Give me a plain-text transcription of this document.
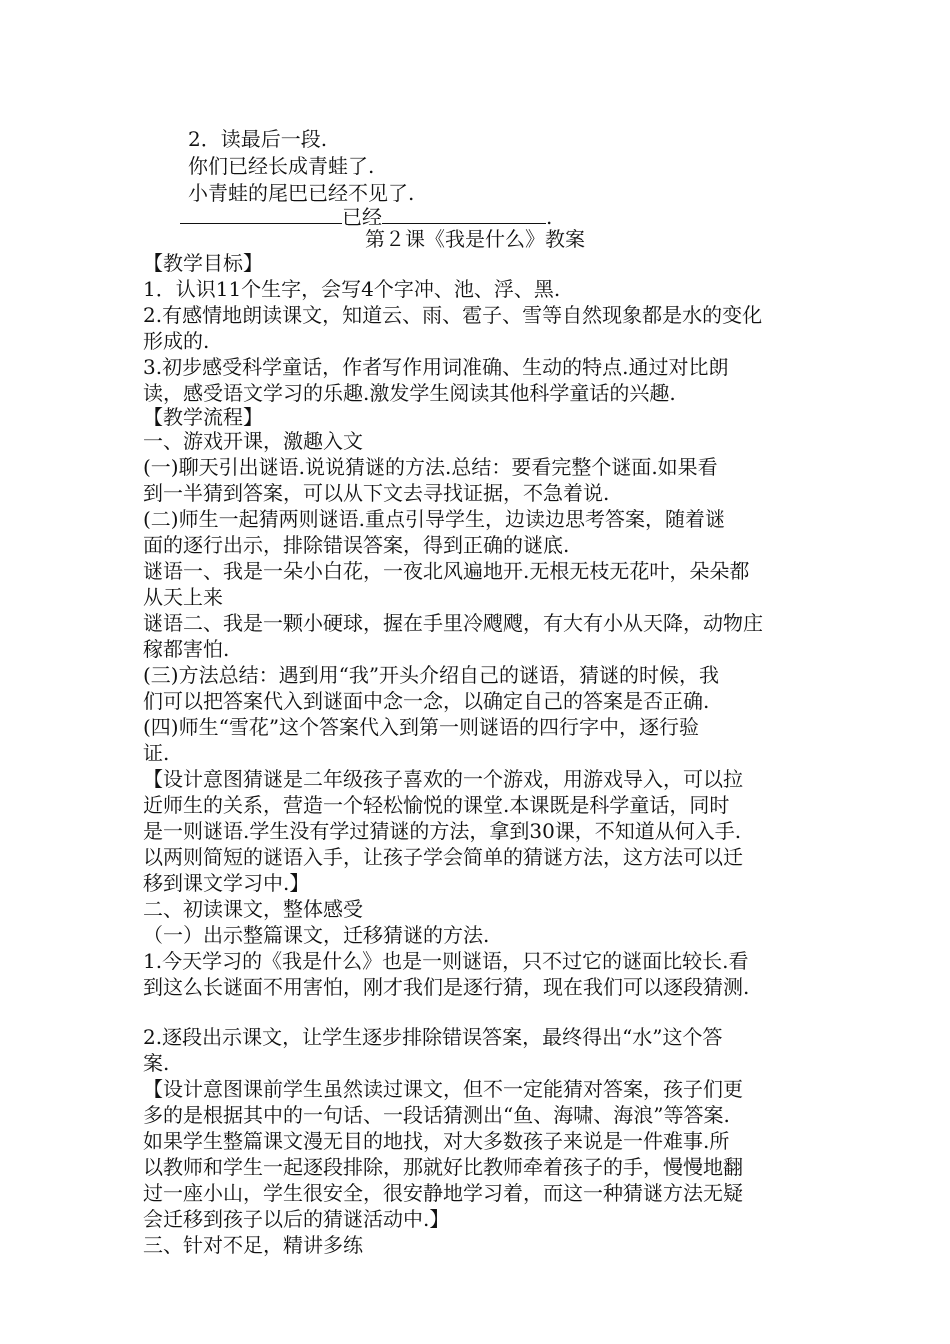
2．读最后一段.
你们已经长成青蛙了.
小青蛙的尾巴已经不见了.
已经	.
第２课《我是什么》教案
【教学目标】
1．认识11个生字，会写4个字冲、池、浮、黑.
2.有感情地朗读课文，知道云、雨、雹子、雪等自然现象都是水的变化
形成的.
3.初步感受科学童话，作者写作用词准确、生动的特点.通过对比朗
读，感受语文学习的乐趣.激发学生阅读其他科学童话的兴趣.
【教学流程】
一、游戏开课，激趣入文
(一)聊天引出谜语.说说猜谜的方法.总结：要看完整个谜面.如果看
到一半猜到答案，可以从下文去寻找证据，不急着说.
(二)师生一起猜两则谜语.重点引导学生，边读边思考答案，随着谜
面的逐行出示，排除错误答案，得到正确的谜底.
谜语一、我是一朵小白花，一夜北风遍地开.无根无枝无花叶，朵朵都
从天上来
谜语二、我是一颗小硬球，握在手里冷飕飕，有大有小从天降，动物庄
稼都害怕.
(三)方法总结：遇到用“我”开头介绍自己的谜语，猜谜的时候，我
们可以把答案代入到谜面中念一念，以确定自己的答案是否正确.
(四)师生“雪花”这个答案代入到第一则谜语的四行字中，逐行验
证.
【设计意图猜谜是二年级孩子喜欢的一个游戏，用游戏导入，可以拉
近师生的关系，营造一个轻松愉悦的课堂.本课既是科学童话，同时
是一则谜语.学生没有学过猜谜的方法，拿到30课，不知道从何入手.
以两则简短的谜语入手，让孩子学会简单的猜谜方法，这方法可以迁
移到课文学习中.】
二、初读课文，整体感受
（一）出示整篇课文，迁移猜谜的方法.
1.今天学习的《我是什么》也是一则谜语，只不过它的谜面比较长.看
到这么长谜面不用害怕，刚才我们是逐行猜，现在我们可以逐段猜测.
2.逐段出示课文，让学生逐步排除错误答案，最终得出“水”这个答
案.
【设计意图课前学生虽然读过课文，但不一定能猜对答案，孩子们更
多的是根据其中的一句话、一段话猜测出“鱼、海啸、海浪”等答案.
如果学生整篇课文漫无目的地找，对大多数孩子来说是一件难事.所
以教师和学生一起逐段排除，那就好比教师牵着孩子的手，慢慢地翻
过一座小山，学生很安全，很安静地学习着，而这一种猜谜方法无疑
会迁移到孩子以后的猜谜活动中.】
三、针对不足，精讲多练
